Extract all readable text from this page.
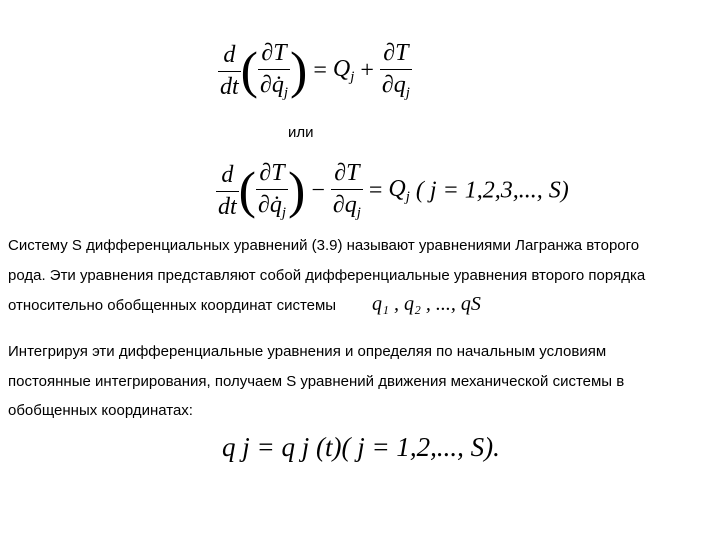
$\frac{d}{dt}$ ( $\frac{\partial T}{\partial q̇_j}$ ) = $Q_j + \frac{\partial T}{\partial q_j}$
или
$\frac{d}{dt}$ ( $\frac{\partial T}{\partial q̇_j}$ ) − $\frac{\partial T}{\partial q_j} = Q_j$ ( j = 1,2,3,..., S)
Систему S дифференциальных уравнений (3.9) называют уравнениями Лагранжа второго
рода. Эти уравнения представляют собой дифференциальные уравнения второго порядка
относительно обобщенных координат системы q₁ , q₂ , ..., qS
Интегрируя эти дифференциальные уравнения и определяя по начальным условиям
постоянные интегрирования, получаем S уравнений движения механической системы в
обобщенных координатах:
q j = q j (t)( j = 1,2,..., S).
